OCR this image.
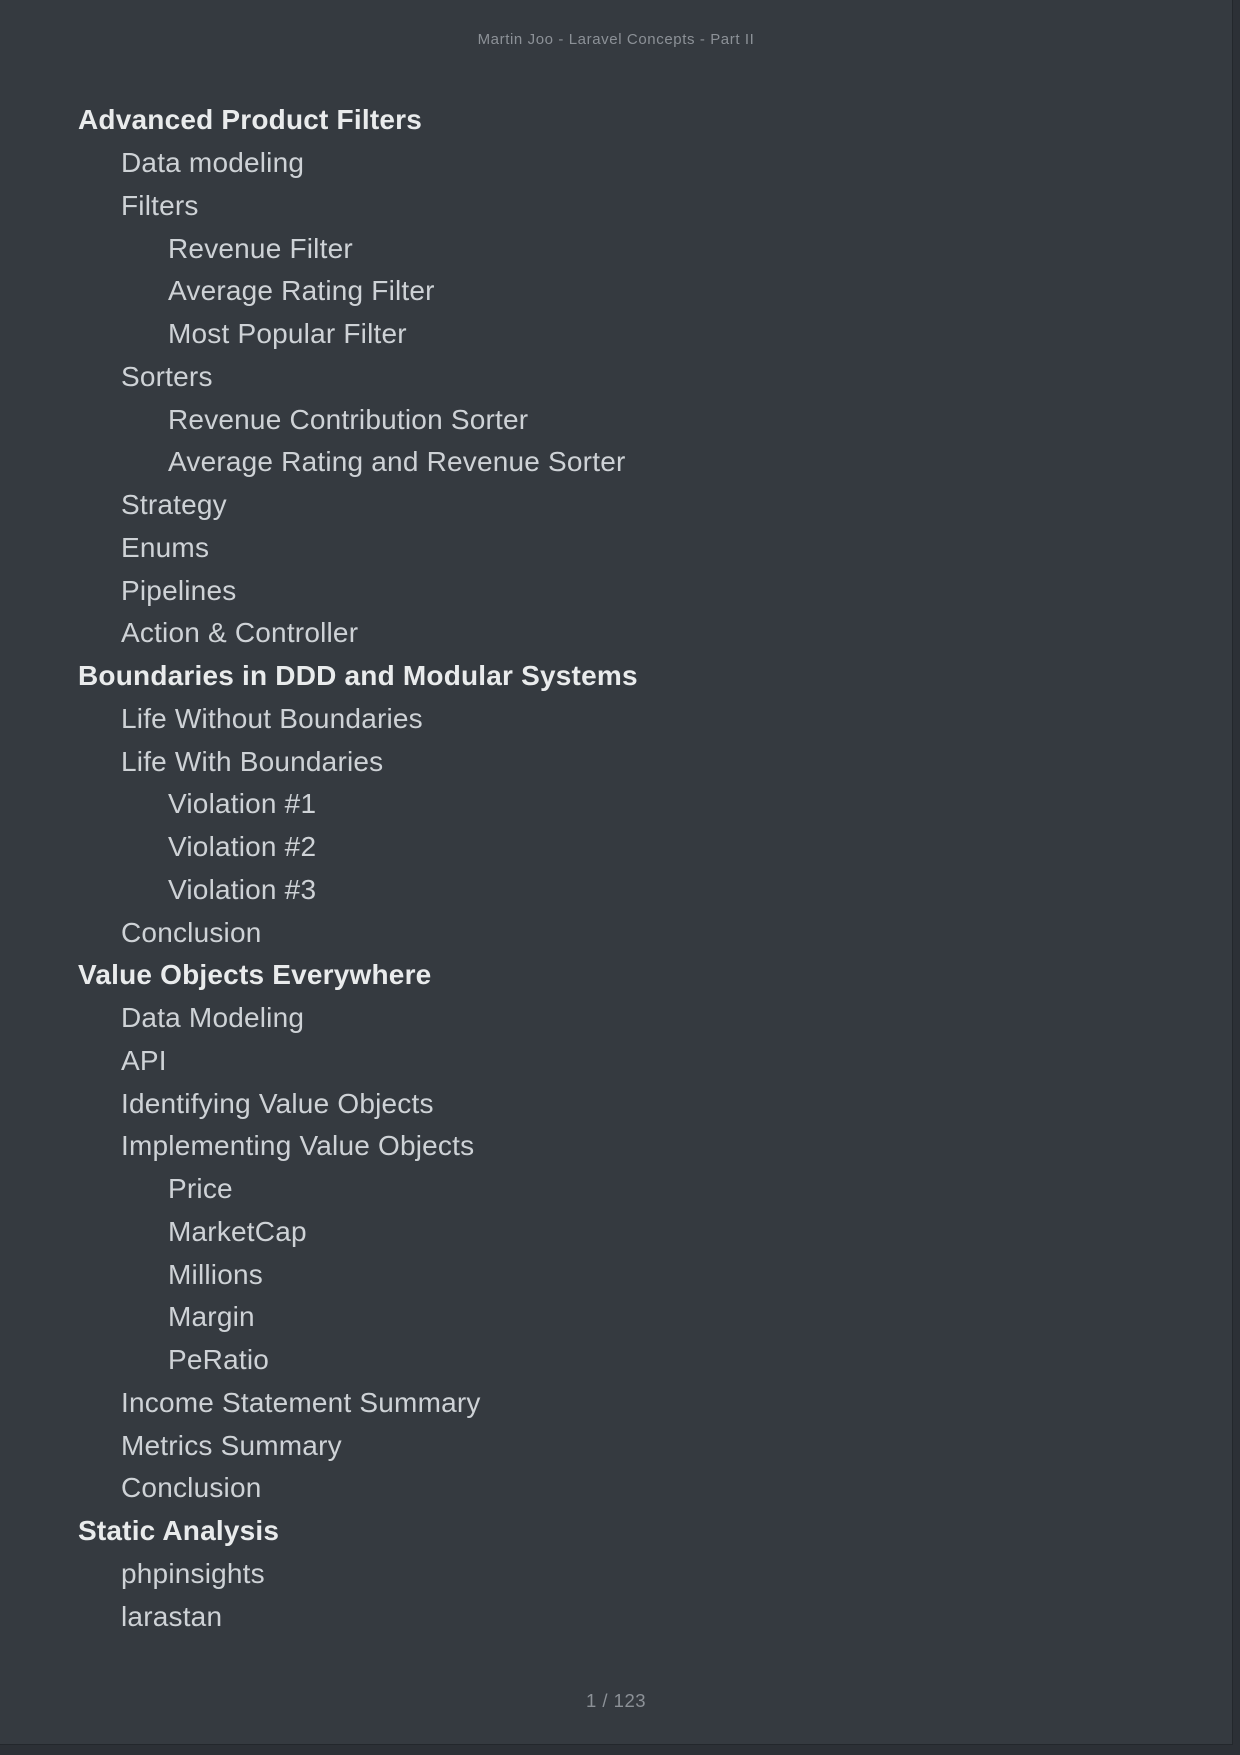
Martin Joo - Laravel Concepts - Part II
Advanced Product Filters
Data modeling
Filters
Revenue Filter
Average Rating Filter
Most Popular Filter
Sorters
Revenue Contribution Sorter
Average Rating and Revenue Sorter
Strategy
Enums
Pipelines
Action & Controller
Boundaries in DDD and Modular Systems
Life Without Boundaries
Life With Boundaries
Violation #1
Violation #2
Violation #3
Conclusion
Value Objects Everywhere
Data Modeling
API
Identifying Value Objects
Implementing Value Objects
Price
MarketCap
Millions
Margin
PeRatio
Income Statement Summary
Metrics Summary
Conclusion
Static Analysis
phpinsights
larastan
1 / 123
